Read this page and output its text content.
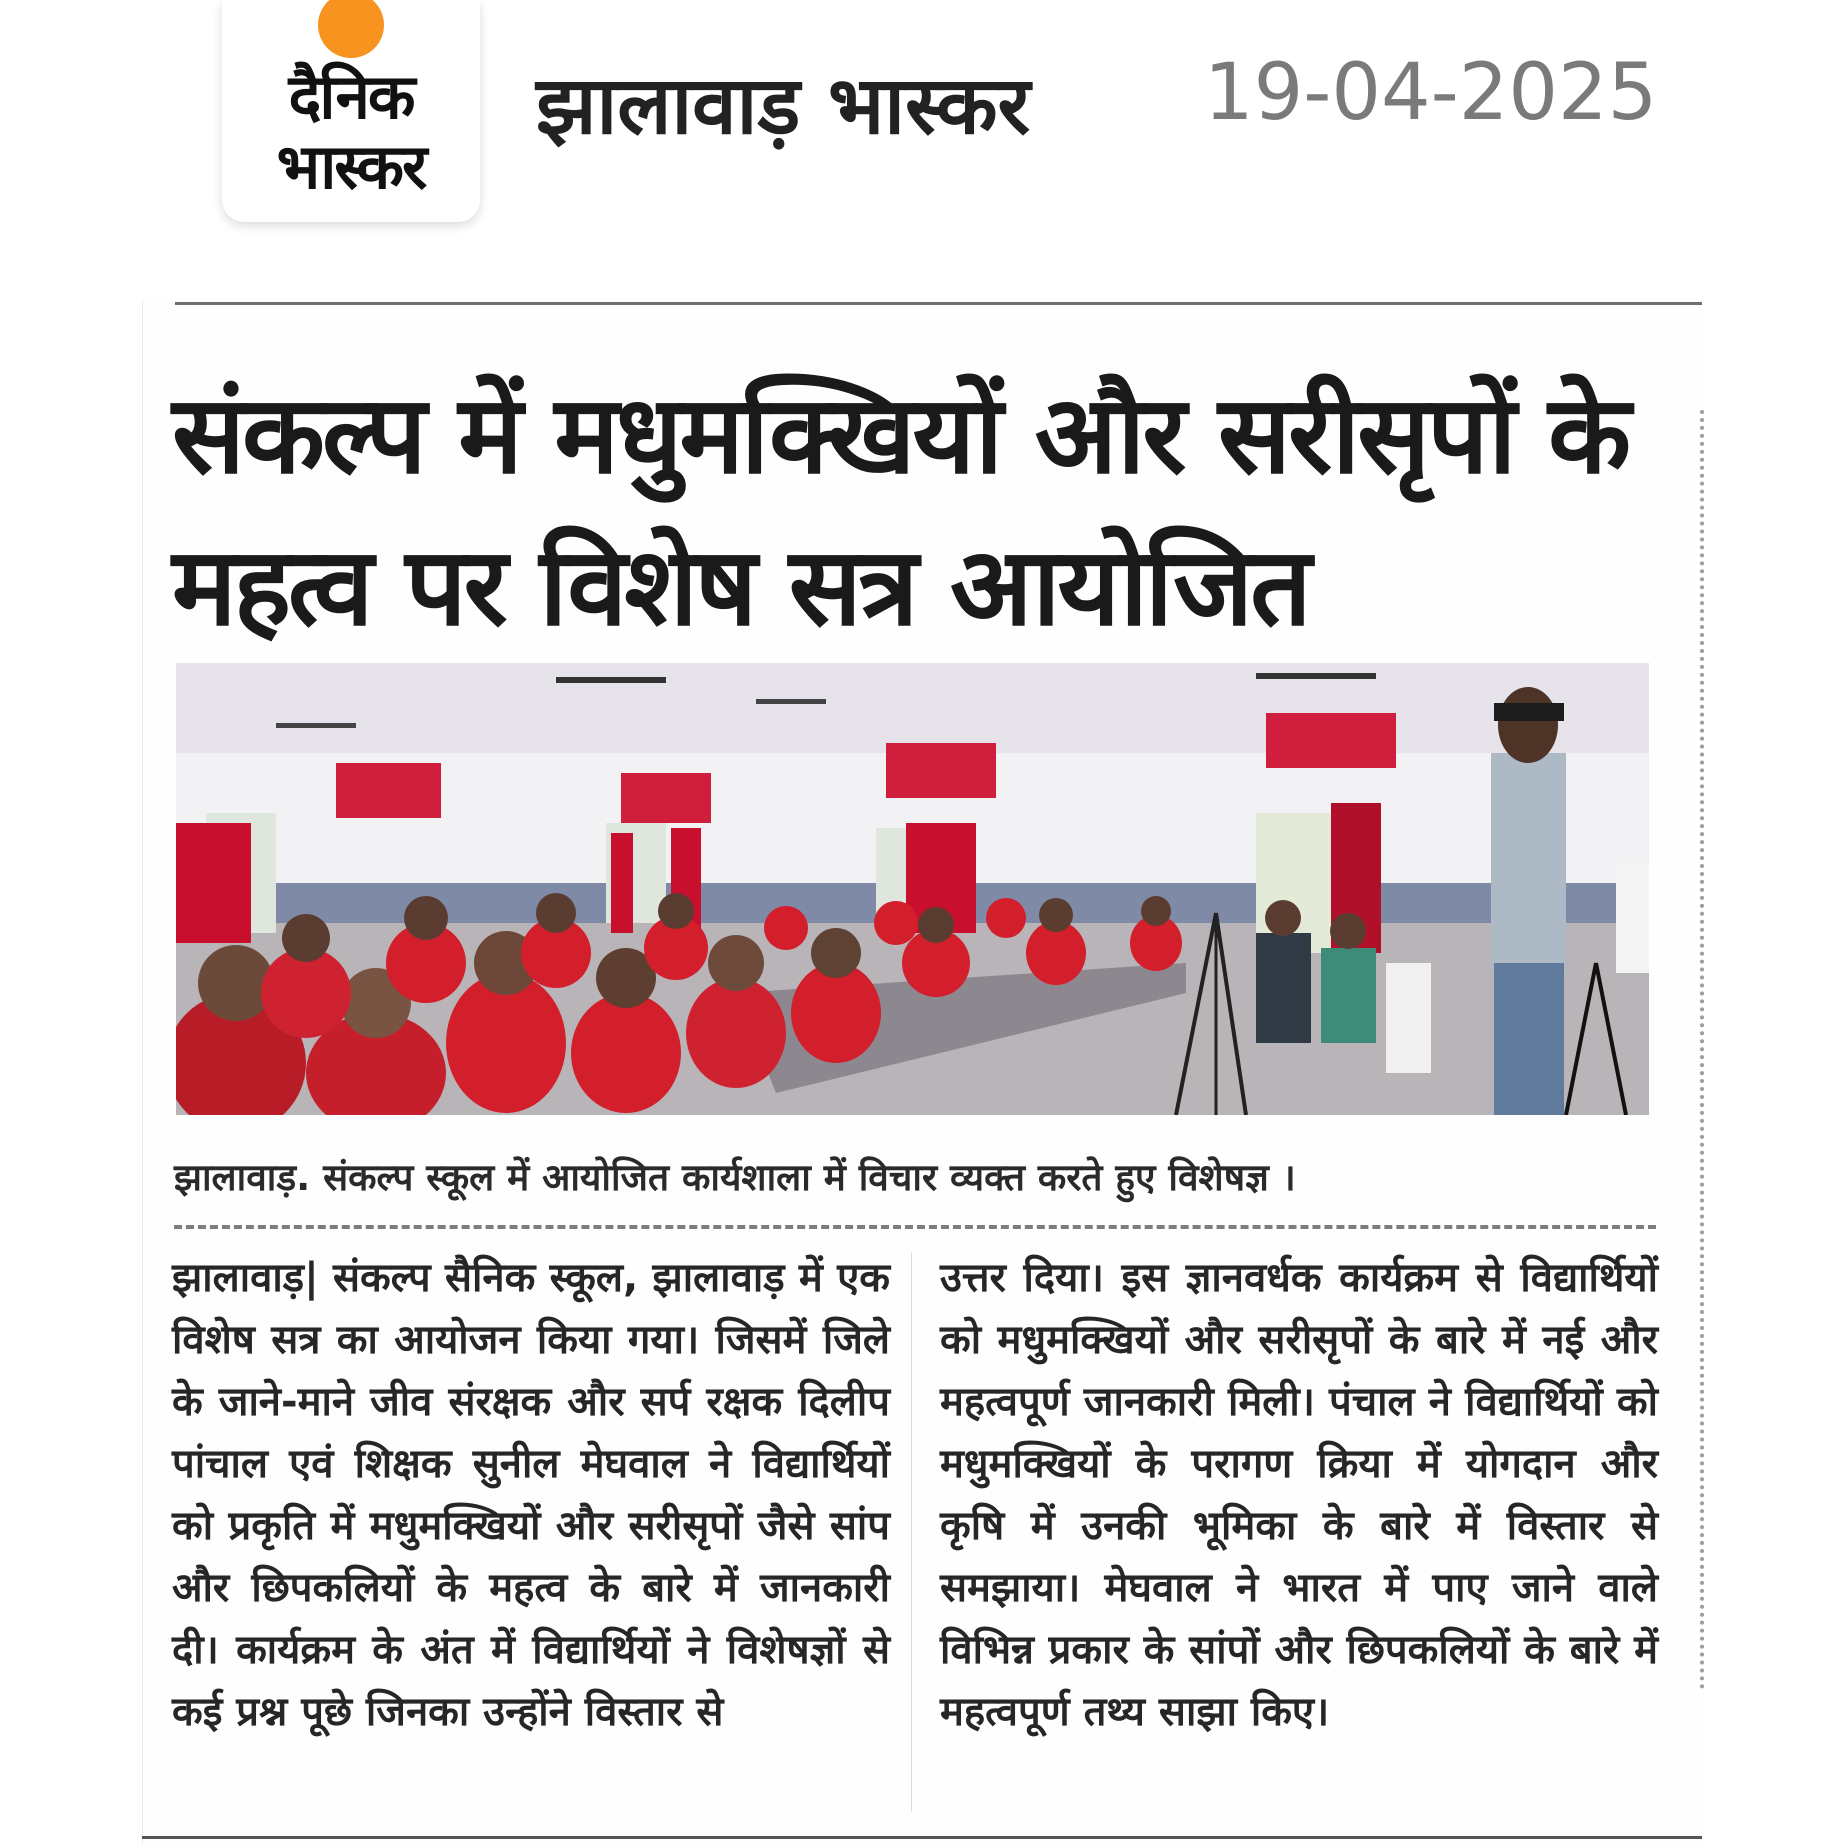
दैनिक
भास्कर
झालावाड़ भास्कर 19-04-2025
संकल्प में मधुमक्खियों और सरीसृपों के महत्व पर विशेष सत्र आयोजित
झालावाड़. संकल्प स्कूल में आयोजित कार्यशाला में विचार व्यक्त करते हुए विशेषज्ञ ।

झालावाड़| संकल्प सैनिक स्कूल, झालावाड़ में एक विशेष सत्र का आयोजन किया गया। जिसमें जिले के जाने-माने जीव संरक्षक और सर्प रक्षक दिलीप पांचाल एवं शिक्षक सुनील मेघवाल ने विद्यार्थियों को प्रकृति में मधुमक्खियों और सरीसृपों जैसे सांप और छिपकलियों के महत्व के बारे में जानकारी दी। कार्यक्रम के अंत में विद्यार्थियों ने विशेषज्ञों से कई प्रश्न पूछे जिनका उन्होंने विस्तार से

उत्तर दिया। इस ज्ञानवर्धक कार्यक्रम से विद्यार्थियों को मधुमक्खियों और सरीसृपों के बारे में नई और महत्वपूर्ण जानकारी मिली। पंचाल ने विद्यार्थियों को मधुमक्खियों के परागण क्रिया में योगदान और कृषि में उनकी भूमिका के बारे में विस्तार से समझाया। मेघवाल ने भारत में पाए जाने वाले विभिन्न प्रकार के सांपों और छिपकलियों के बारे में महत्वपूर्ण तथ्य साझा किए।
